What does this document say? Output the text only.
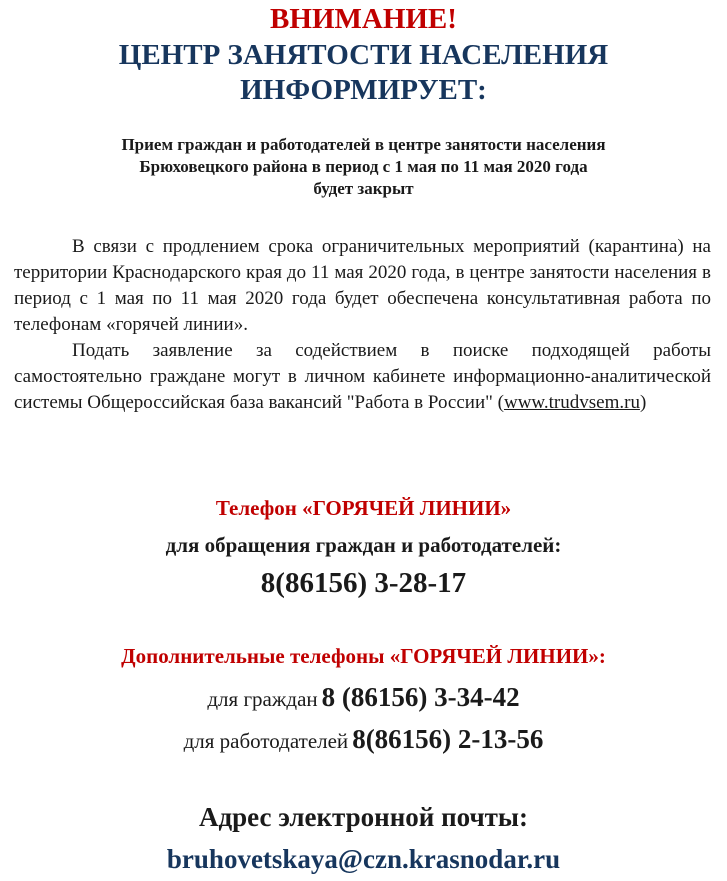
ВНИМАНИЕ!
ЦЕНТР ЗАНЯТОСТИ НАСЕЛЕНИЯ
ИНФОРМИРУЕТ:
Прием граждан и работодателей в центре занятости населения
Брюховецкого района в период с 1 мая по 11 мая 2020 года
будет закрыт

В связи с продлением срока ограничительных мероприятий (карантина) на территории Краснодарского края до 11 мая 2020 года, в центре занятости населения в период с 1 мая по 11 мая 2020 года будет обеспечена консультативная работа по телефонам «горячей линии».

Подать заявление за содействием в поиске подходящей работы самостоятельно граждане могут в личном кабинете информационно-аналитической системы Общероссийская база вакансий "Работа в России" (www.trudvsem.ru)

Телефон «ГОРЯЧЕЙ ЛИНИИ»
для обращения граждан и работодателей:
8(86156) 3-28-17
Дополнительные телефоны «ГОРЯЧЕЙ ЛИНИИ»:
для граждан 8 (86156) 3-34-42
для работодателей 8(86156) 2-13-56
Адрес электронной почты:
bruhovetskaya@czn.krasnodar.ru
